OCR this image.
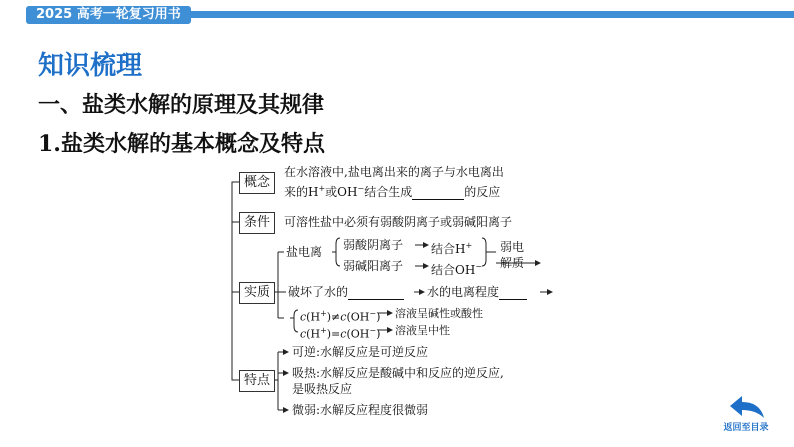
2025 高考一轮复习用书
知识梳理
一、盐类水解的原理及其规律
1.盐类水解的基本概念及特点
概念
条件
实质
特点
在水溶液中,盐电离出来的离子与水电离出
来的H+或OH−结合生成	的反应
可溶性盐中必须有弱酸阴离子或弱碱阳离子
盐电离 弱酸阴离子 结合H+
弱碱阳离子 结合OH−
弱电
解质
破坏了水的	水的电离程度
c(H+)≠c(OH−) 溶液呈碱性或酸性
c(H+)=c(OH−) 溶液呈中性
可逆:水解反应是可逆反应
吸热:水解反应是酸碱中和反应的逆反应,
是吸热反应
微弱:水解反应程度很微弱
返回至目录
